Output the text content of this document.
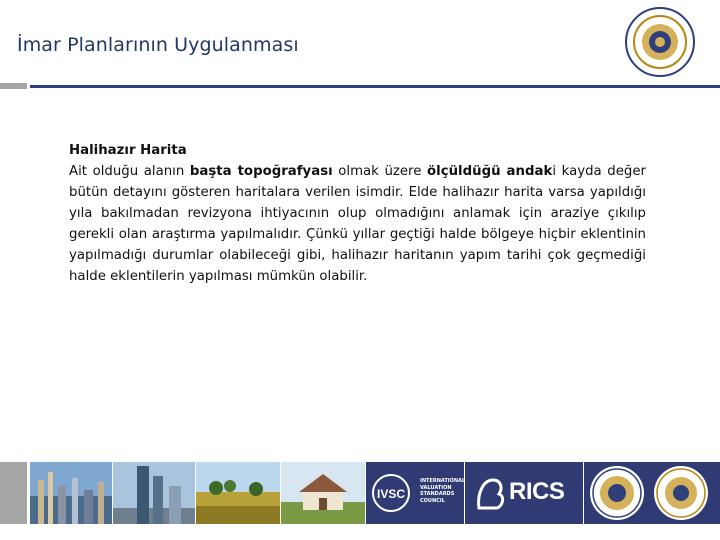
İmar Planlarının Uygulanması
Halihazır Harita
Ait olduğu alanın başta topoğrafyası olmak üzere ölçüldüğü andaki kayda değer bütün detayını gösteren haritalara verilen isimdir. Elde halihazır harita varsa yapıldığı yıla bakılmadan revizyona ihtiyacının olup olmadığını anlamak için araziye çıkılıp gerekli olan araştırma yapılmalıdır. Çünkü yıllar geçtiği halde bölgeye hiçbir eklentinin yapılmadığı durumlar olabileceği gibi, halihazır haritanın yapım tarihi çok geçmediği halde eklentilerin yapılması mümkün olabilir.
IVSC
INTERNATIONAL
VALUATION
STANDARDS
COUNCIL	RICS
